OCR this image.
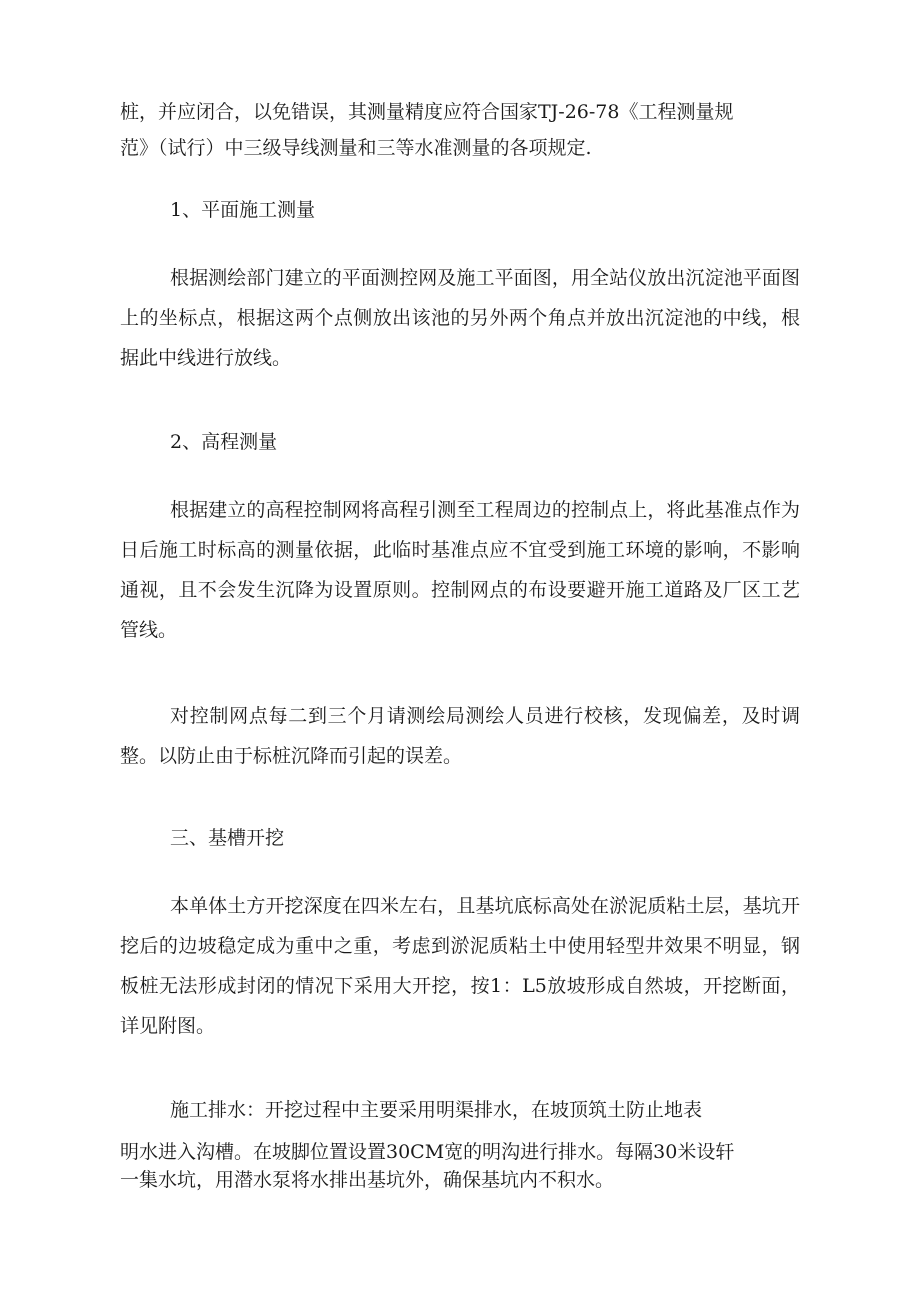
桩，并应闭合，以免错误，其测量精度应符合国家TJ-26-78《工程测量规

范》（试行）中三级导线测量和三等水准测量的各项规定.

1、平面施工测量

根据测绘部门建立的平面测控网及施工平面图，用全站仪放出沉淀池平面图上的坐标点，根据这两个点侧放出该池的另外两个角点并放出沉淀池的中线，根据此中线进行放线。

2、高程测量

根据建立的高程控制网将高程引测至工程周边的控制点上，将此基准点作为日后施工时标高的测量依据，此临时基准点应不宜受到施工环境的影响，不影响通视，且不会发生沉降为设置原则。控制网点的布设要避开施工道路及厂区工艺管线。

对控制网点每二到三个月请测绘局测绘人员进行校核，发现偏差，及时调整。以防止由于标桩沉降而引起的误差。

三、基槽开挖

本单体土方开挖深度在四米左右，且基坑底标高处在淤泥质粘土层，基坑开挖后的边坡稳定成为重中之重，考虑到淤泥质粘土中使用轻型井效果不明显，钢板桩无法形成封闭的情况下采用大开挖，按1：L5放坡形成自然坡，开挖断面，详见附图。

施工排水：开挖过程中主要采用明渠排水，在坡顶筑土防止地表

明水进入沟槽。在坡脚位置设置30CM宽的明沟进行排水。每隔30米设轩

一集水坑，用潜水泵将水排出基坑外，确保基坑内不积水。
